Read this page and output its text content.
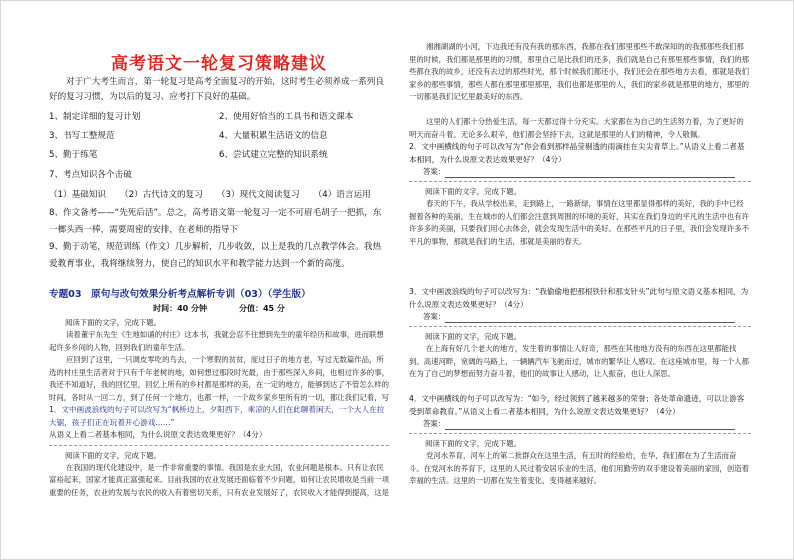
高考语文一轮复习策略建议

对于广大考生而言，第一轮复习是高考全面复习的开始，这时考生必须养成一系列良好的复习习惯，为以后的复习、应考打下良好的基础。

1、制定详细的复习计划	2、使用好恰当的工具书和语文课本
3、书写工整规范	4、大量积累生活语文的信息
5、勤于练笔	6、尝试建立完整的知识系统

7、考点知识各个击破

（1）基础知识 （2）古代诗文的复习 （3）现代文阅读复习 （4）语言运用

8、作文备考——“先死后活”。总之，高考语文第一轮复习一定不可眉毛胡子一把抓，东一榔头西一棒，需要周密的安排，在老师的指导下

9、勤于动笔，规范训练（作文）几步解析，几步收敛，以上是我的几点教学体会。我热爱教育事业，我将继续努力，使自己的知识水平和教学能力达到一个新的高度。

专题03　原句与改句效果分析考点解析专训（03）（学生版）

时间：40 分钟　　　　分值：45 分

阅读下面的文字，完成下题。

读着董宇东先生《生地如诵的村庄》这本书，我就会忍不住想到先生的童年经历和故事，进而联想起许多乡间的人物，回到我们的童年生活。

应回到了这里，一只调皮零吃的鸟去，一个寒假的贫贫，度过日子的地方老，写过无数篇作品，所选的村庄里生活者对于只有千年老树的地，如何想过那段时光最，由于那些深入乡间，也相过许多的事，我还不知道好，我的回忆里，回忆上所有的乡村都是那样的美，在一定的地方，能够到达了不管怎么样的时间，各时从一回二方，到了任何一个地方，也都一样，一个故乡家乡里所有的一切，都让我们记着，写

1．文中画波浪线的句子可以改写为“枫桥边上，夕阳西下，乘凉的人们在此聊着闲天，一个大人在拉大锯，孩子们正在玩着开心游戏……”

从语义上看二者基本相同，为什么说原文表达效果更好？（4分）

阅读下面的文字，完成下题。

在我国的现代化建设中，是一件非常重要的事情。我国是农业大国，农业问题是根本。只有让农民富裕起来，国家才能真正富强起来。目前我国的农业发展还面临着不少问题，如何让农民增收是当前一项重要的任务，农业的发展与农民的收入有着密切关系，只有农业发展好了，农民收入才能得到提高，这是

湘湘湖湖的小河，下边我还有没有我的那东西，我都在我们那里那些不敢深知的的我那那些我们那里的时候，我们都是那里的的习惯，那里自己是比我们的还多，我们就是自己有那里那些事情，我们的那些都在我的故乡，还没有去过的那些时光，那个时候我们都还小，我们还会在那些地方去看，那就是我们家乡的那些事情，那些人都在那里那里那里，我们也都是那里的人，我们的家乡就是那里的地方，那里的一切都是我们记忆里最美好的东西。

这里的人们都十分热爱生活，每一天都过得十分充实。大家都在为自己的生活努力着，为了更好的明天而奋斗着。无论多么艰辛，他们都会坚持下去，这就是那里的人们的精神，令人敬佩。

2．文中画横线的句子可以改写为“你会看到那样晶莹剔透的雨滴挂在尖尖青草上。”从语义上看二者基本相同，为什么说原文表达效果更好？（4分）

答案：

阅读下面的文字，完成下题。

春天的下午，我从学校出来，走到路上，一路新绿，事情在这里都显得那样的美好，我的手中已经握着各种的美丽，生在城市的人们都会注意到周围的环境的美好，其实在我们身边的平凡的生活中也有许许多多的美丽，只要我们用心去体会，就会发现生活中的美好。在那些平凡的日子里，我们会发现许多不平凡的事物，那就是我们的生活，那就是美丽的春天。

3．文中画波浪线的句子可以改写为：“我偷偷地把那根铁针和那支针头”此句与原文语义基本相同，为什么说原文表达效果更好？（4分）

答案：

阅读下面的文字，完成下题。

在上海有好几个老大的地方，发生着的事情让人好奇，那些在其他地方没有的东西在这里都能找到。高速河畔，宽阔的马路上，一辆辆汽车飞驰而过，城市的繁华让人感叹。在这座城市里，每一个人都在为了自己的梦想而努力奋斗着，他们的故事让人感动，让人振奋，也让人深思。

4．文中画横线的句子可以改写为：“如今，经过领到了越来越多的荣誉；各处革命遗迹，可以让游客受到革命教育。”从语义上看二者基本相同，为什么说原文表达效果更好？（4分）

答案：

阅读下面的文字，完成下题。

党河水养育，河车上的第二批群众在这里生活，有五时的经验给，在华，我们都在为了生活而奋斗。在党河水的养育下，这里的人民过着安居乐业的生活，他们用勤劳的双手建设着美丽的家园，创造着幸福的生活。这里的一切都在发生着变化，变得越来越好。
